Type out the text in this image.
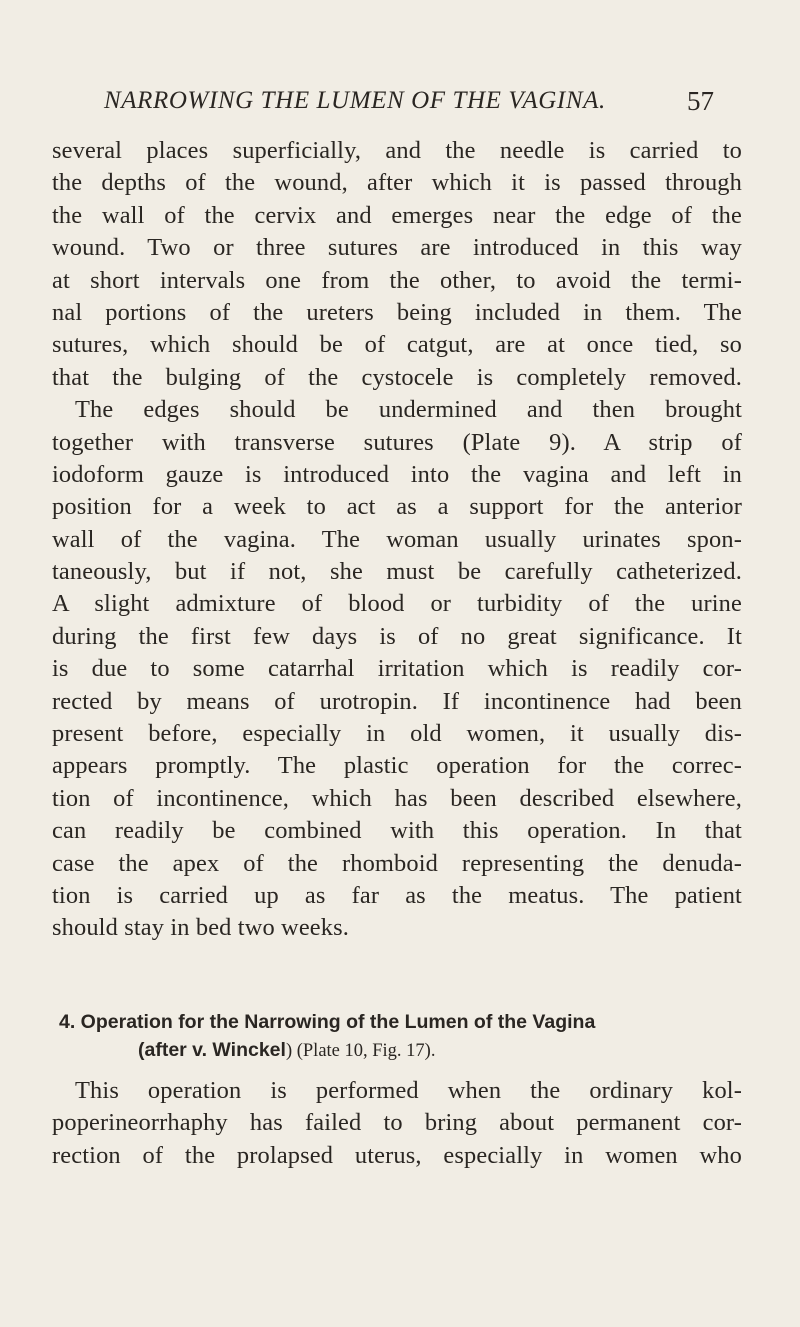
NARROWING THE LUMEN OF THE VAGINA.	57
several places superficially, and the needle is carried to
the depths of the wound, after which it is passed through
the wall of the cervix and emerges near the edge of the
wound. Two or three sutures are introduced in this way
at short intervals one from the other, to avoid the termi-
nal portions of the ureters being included in them. The
sutures, which should be of catgut, are at once tied, so
that the bulging of the cystocele is completely removed.
The edges should be undermined and then brought
together with transverse sutures (Plate 9). A strip of
iodoform gauze is introduced into the vagina and left in
position for a week to act as a support for the anterior
wall of the vagina. The woman usually urinates spon-
taneously, but if not, she must be carefully catheterized.
A slight admixture of blood or turbidity of the urine
during the first few days is of no great significance. It
is due to some catarrhal irritation which is readily cor-
rected by means of urotropin. If incontinence had been
present before, especially in old women, it usually dis-
appears promptly. The plastic operation for the correc-
tion of incontinence, which has been described elsewhere,
can readily be combined with this operation. In that
case the apex of the rhomboid representing the denuda-
tion is carried up as far as the meatus. The patient
should stay in bed two weeks.
4. Operation for the Narrowing of the Lumen of the Vagina
(after v. Winckel) (Plate 10, Fig. 17).
This operation is performed when the ordinary kol-
poperineorrhaphy has failed to bring about permanent cor-
rection of the prolapsed uterus, especially in women who
